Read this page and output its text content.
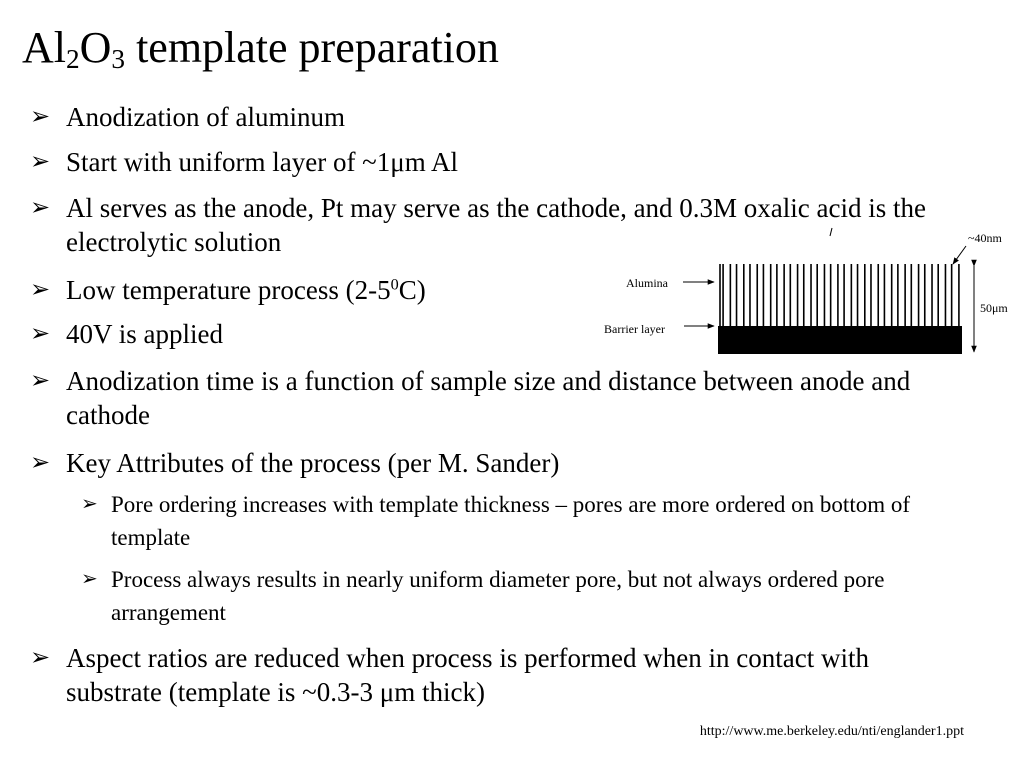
$Al_2O_3$ template preparation
➢ Anodization of aluminum
➢ Start with uniform layer of ~1μm Al
➢ Al serves as the anode, Pt may serve as the cathode, and 0.3M oxalic acid is the electrolytic solution
➢ Low temperature process $(2-5^0C)$
➢ 40V is applied
➢ Anodization time is a function of sample size and distance between anode and cathode
➢ Key Attributes of the process (per M. Sander)
➢ Pore ordering increases with template thickness – pores are more ordered on bottom of template
➢ Process always results in nearly uniform diameter pore, but not always ordered pore arrangement
➢ Aspect ratios are reduced when process is performed when in contact with substrate (template is ~0.3-3 μm thick)
Alumina
Barrier layer
~40nm
50μm
http://www.me.berkeley.edu/nti/englander1.ppt
